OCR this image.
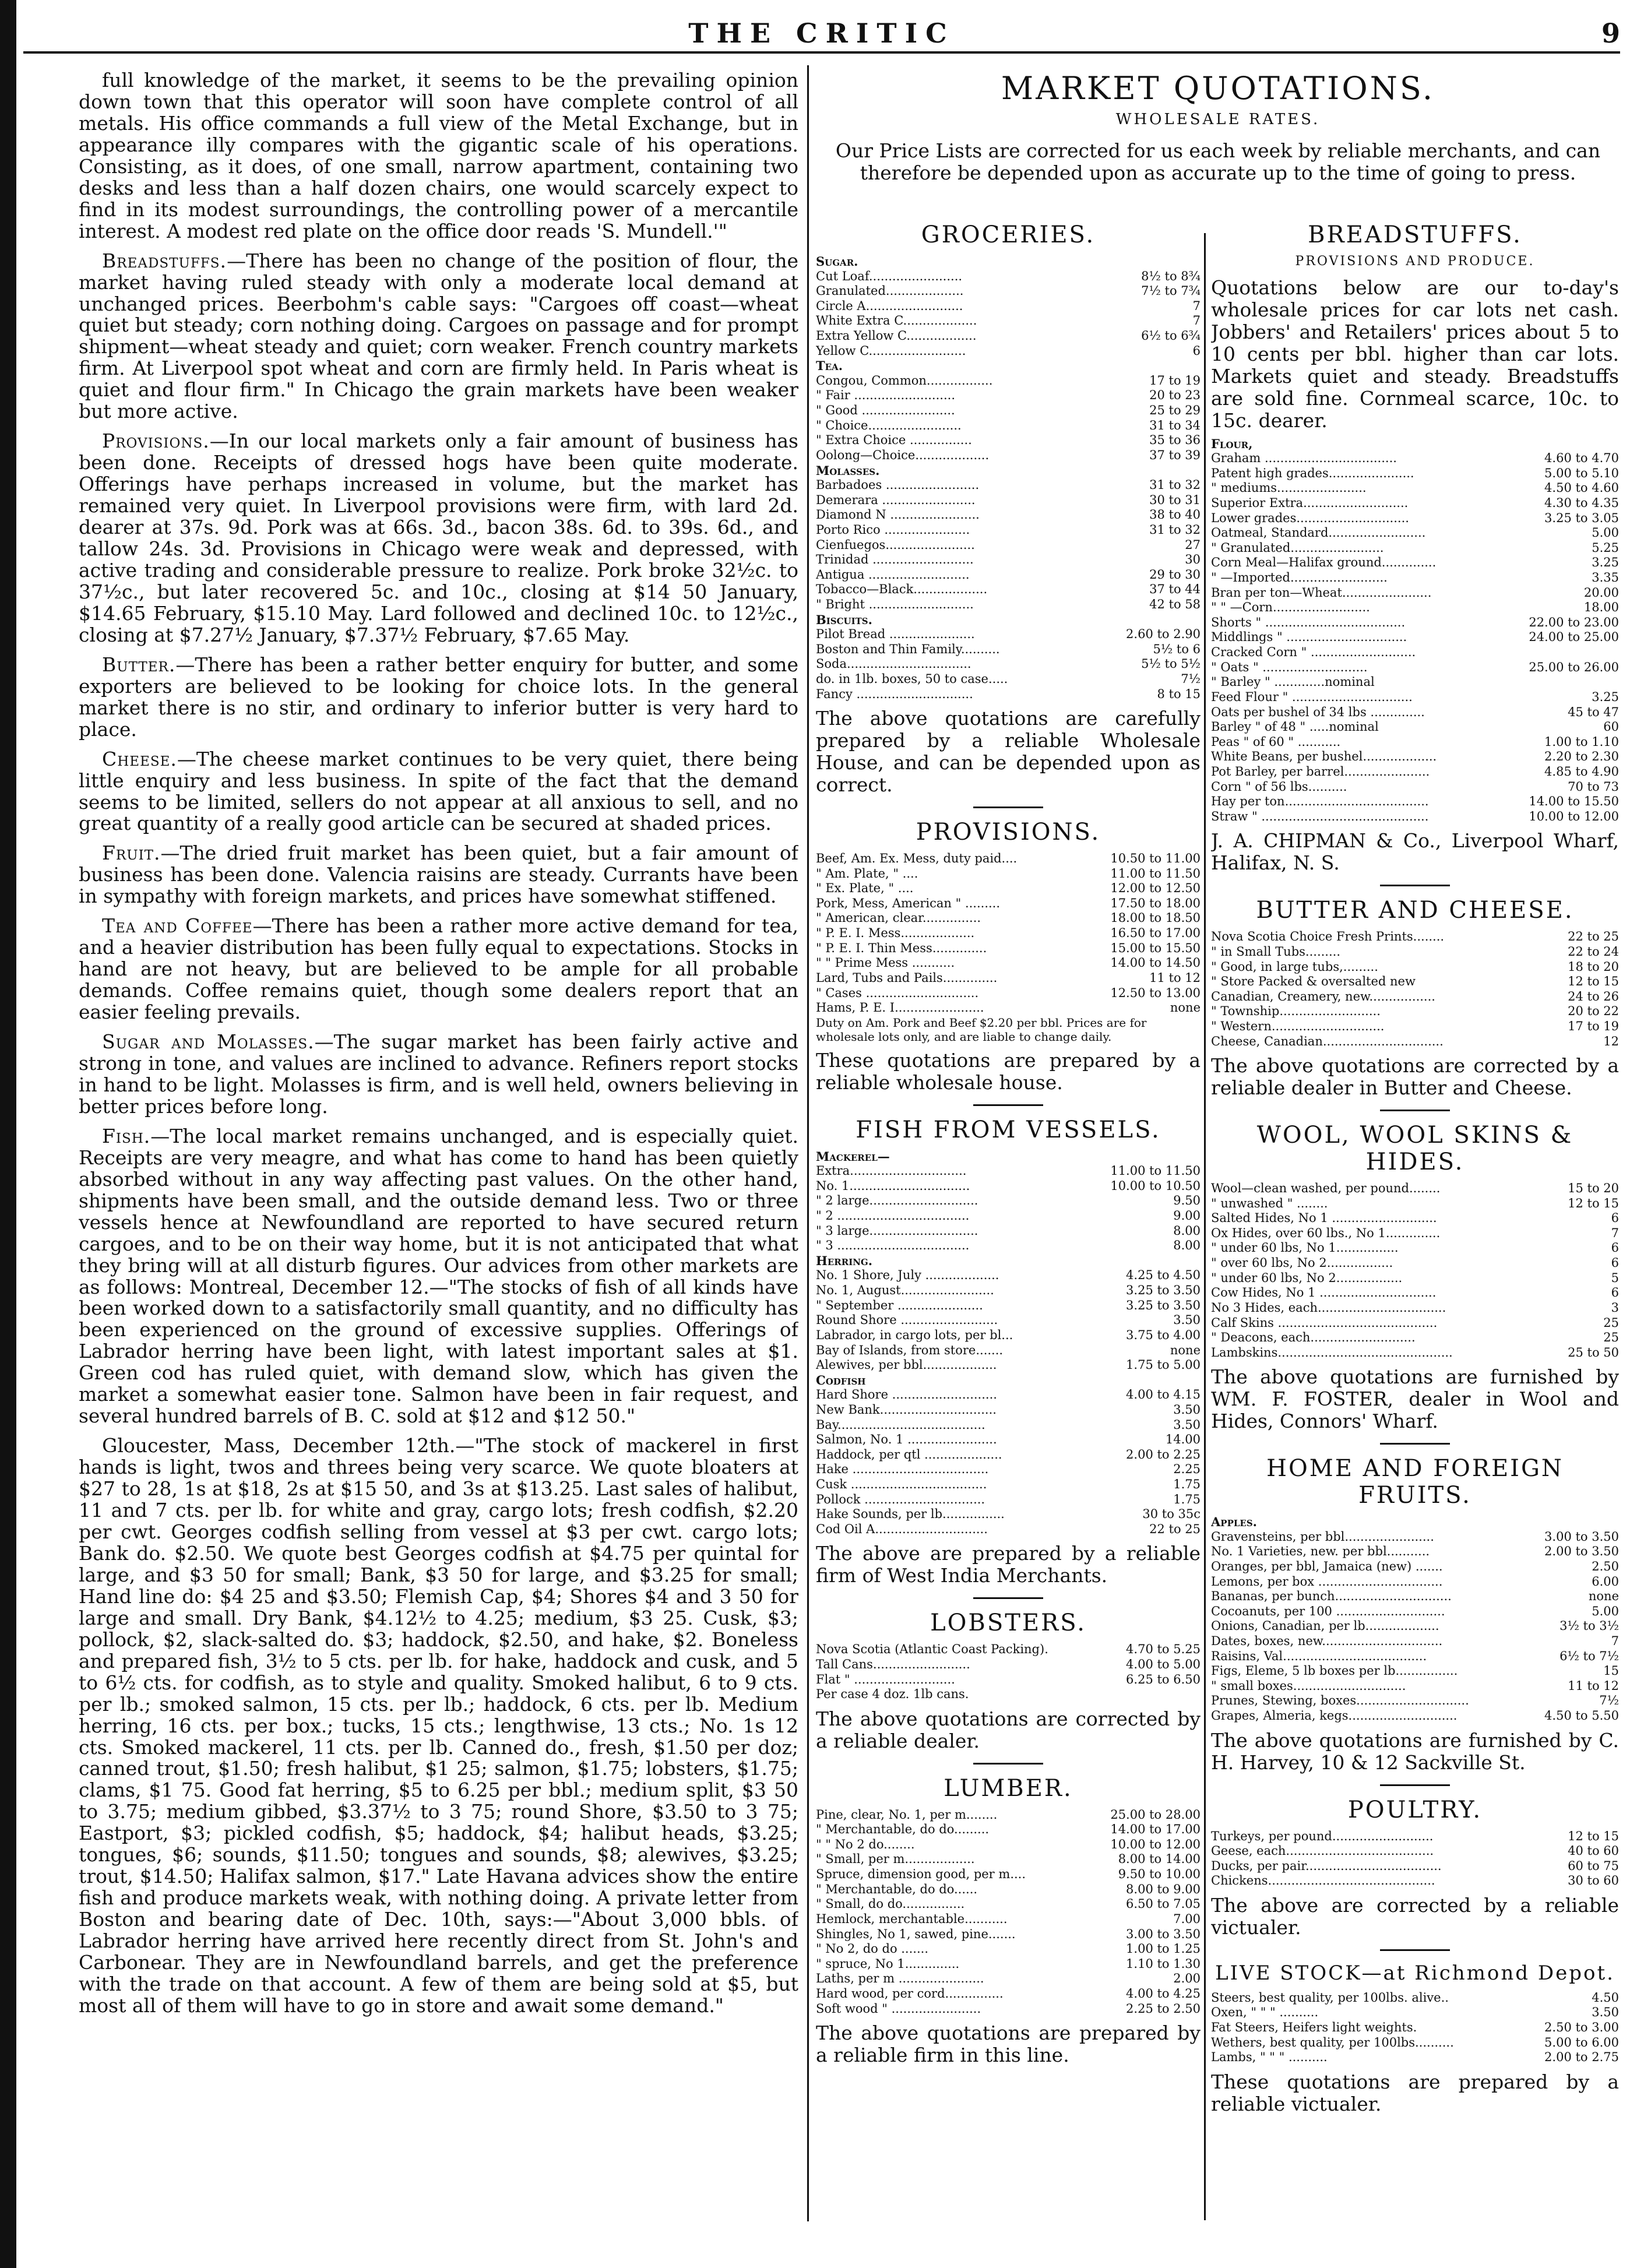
THE CRITIC	9

full knowledge of the market, it seems to be the prevailing opinion down town that this operator will soon have complete control of all metals. His office commands a full view of the Metal Exchange, but in appearance illy compares with the gigantic scale of his operations. Consisting, as it does, of one small, narrow apartment, containing two desks and less than a half dozen chairs, one would scarcely expect to find in its modest surroundings, the controlling power of a mercantile interest. A modest red plate on the office door reads 'S. Mundell.'"

Breadstuffs.—There has been no change of the position of flour, the market having ruled steady with only a moderate local demand at unchanged prices. Beerbohm's cable says: "Cargoes off coast—wheat quiet but steady; corn nothing doing. Cargoes on passage and for prompt shipment—wheat steady and quiet; corn weaker. French country markets firm. At Liverpool spot wheat and corn are firmly held. In Paris wheat is quiet and flour firm." In Chicago the grain markets have been weaker but more active.

Provisions.—In our local markets only a fair amount of business has been done. Receipts of dressed hogs have been quite moderate. Offerings have perhaps increased in volume, but the market has remained very quiet. In Liverpool provisions were firm, with lard 2d. dearer at 37s. 9d. Pork was at 66s. 3d., bacon 38s. 6d. to 39s. 6d., and tallow 24s. 3d. Provisions in Chicago were weak and depressed, with active trading and considerable pressure to realize. Pork broke 32½c. to 37½c., but later recovered 5c. and 10c., closing at $14 50 January, $14.65 February, $15.10 May. Lard followed and declined 10c. to 12½c., closing at $7.27½ January, $7.37½ February, $7.65 May.

Butter.—There has been a rather better enquiry for butter, and some exporters are believed to be looking for choice lots. In the general market there is no stir, and ordinary to inferior butter is very hard to place.

Cheese.—The cheese market continues to be very quiet, there being little enquiry and less business. In spite of the fact that the demand seems to be limited, sellers do not appear at all anxious to sell, and no great quantity of a really good article can be secured at shaded prices.

Fruit.—The dried fruit market has been quiet, but a fair amount of business has been done. Valencia raisins are steady. Currants have been in sympathy with foreign markets, and prices have somewhat stiffened.

Tea and Coffee—There has been a rather more active demand for tea, and a heavier distribution has been fully equal to expectations. Stocks in hand are not heavy, but are believed to be ample for all probable demands. Coffee remains quiet, though some dealers report that an easier feeling prevails.

Sugar and Molasses.—The sugar market has been fairly active and strong in tone, and values are inclined to advance. Refiners report stocks in hand to be light. Molasses is firm, and is well held, owners believing in better prices before long.

Fish.—The local market remains unchanged, and is especially quiet. Receipts are very meagre, and what has come to hand has been quietly absorbed without in any way affecting past values. On the other hand, shipments have been small, and the outside demand less. Two or three vessels hence at Newfoundland are reported to have secured return cargoes, and to be on their way home, but it is not anticipated that what they bring will at all disturb figures. Our advices from other markets are as follows: Montreal, December 12.—"The stocks of fish of all kinds have been worked down to a satisfactorily small quantity, and no difficulty has been experienced on the ground of excessive supplies. Offerings of Labrador herring have been light, with latest important sales at $1. Green cod has ruled quiet, with demand slow, which has given the market a somewhat easier tone. Salmon have been in fair request, and several hundred barrels of B. C. sold at $12 and $12 50."

Gloucester, Mass, December 12th.—"The stock of mackerel in first hands is light, twos and threes being very scarce. We quote bloaters at $27 to 28, 1s at $18, 2s at $15 50, and 3s at $13.25. Last sales of halibut, 11 and 7 cts. per lb. for white and gray, cargo lots; fresh codfish, $2.20 per cwt. Georges codfish selling from vessel at $3 per cwt. cargo lots; Bank do. $2.50. We quote best Georges codfish at $4.75 per quintal for large, and $3 50 for small; Bank, $3 50 for large, and $3.25 for small; Hand line do: $4 25 and $3.50; Flemish Cap, $4; Shores $4 and 3 50 for large and small. Dry Bank, $4.12½ to 4.25; medium, $3 25. Cusk, $3; pollock, $2, slack-salted do. $3; haddock, $2.50, and hake, $2. Boneless and prepared fish, 3½ to 5 cts. per lb. for hake, haddock and cusk, and 5 to 6½ cts. for codfish, as to style and quality. Smoked halibut, 6 to 9 cts. per lb.; smoked salmon, 15 cts. per lb.; haddock, 6 cts. per lb. Medium herring, 16 cts. per box.; tucks, 15 cts.; lengthwise, 13 cts.; No. 1s 12 cts. Smoked mackerel, 11 cts. per lb. Canned do., fresh, $1.50 per doz; canned trout, $1.50; fresh halibut, $1 25; salmon, $1.75; lobsters, $1.75; clams, $1 75. Good fat herring, $5 to 6.25 per bbl.; medium split, $3 50 to 3.75; medium gibbed, $3.37½ to 3 75; round Shore, $3.50 to 3 75; Eastport, $3; pickled codfish, $5; haddock, $4; halibut heads, $3.25; tongues, $6; sounds, $11.50; tongues and sounds, $8; alewives, $3.25; trout, $14.50; Halifax salmon, $17." Late Havana advices show the entire fish and produce markets weak, with nothing doing. A private letter from Boston and bearing date of Dec. 10th, says:—"About 3,000 bbls. of Labrador herring have arrived here recently direct from St. John's and Carbonear. They are in Newfoundland barrels, and get the preference with the trade on that account. A few of them are being sold at $5, but most all of them will have to go in store and await some demand."

MARKET QUOTATIONS.
WHOLESALE RATES.
Our Price Lists are corrected for us each week by reliable merchants, and can therefore be depended upon as accurate up to the time of going to press.
GROCERIES.
Sugar.	
Cut Loaf........................	8½ to 8¾
Granulated....................	7½ to 7¾
Circle A.........................	7
White Extra C...................	7
Extra Yellow C..................	6½ to 6¾
Yellow C.........................	6
Tea.	
Congou, Common.................	17 to 19
" Fair ..........................	20 to 23
" Good ........................	25 to 29
" Choice........................	31 to 34
" Extra Choice ................	35 to 36
Oolong—Choice...................	37 to 39
Molasses.	
Barbadoes ........................	31 to 32
Demerara ........................	30 to 31
Diamond N .......................	38 to 40
Porto Rico ......................	31 to 32
Cienfuegos.......................	27
Trinidad ..........................	30
Antigua ..........................	29 to 30
Tobacco—Black...................	37 to 44
" Bright ...........................	42 to 58
Biscuits.	
Pilot Bread ......................	2.60 to 2.90
Boston and Thin Family..........	5½ to 6
Soda................................	5½ to 5½
do. in 1lb. boxes, 50 to case.....	7½
Fancy ..............................	8 to 15
The above quotations are carefully prepared by a reliable Wholesale House, and can be depended upon as correct.
PROVISIONS.
Beef, Am. Ex. Mess, duty paid....	10.50 to 11.00
" Am. Plate, " ....	11.00 to 11.50
" Ex. Plate, " ....	12.00 to 12.50
Pork, Mess, American " .........	17.50 to 18.00
" American, clear...............	18.00 to 18.50
" P. E. I. Mess...................	16.50 to 17.00
" P. E. I. Thin Mess..............	15.00 to 15.50
" " Prime Mess ...........	14.00 to 14.50
Lard, Tubs and Pails..............	11 to 12
" Cases .............................	12.50 to 13.00
Hams, P. E. I.......................	none
Duty on Am. Pork and Beef $2.20 per bbl. Prices are for wholesale lots only, and are liable to change daily.
These quotations are prepared by a reliable wholesale house.
FISH FROM VESSELS.
Mackerel—	
Extra..............................	11.00 to 11.50
No. 1...............................	10.00 to 10.50
" 2 large............................	9.50
" 2 ..................................	9.00
" 3 large............................	8.00
" 3 ..................................	8.00
Herring.	
No. 1 Shore, July ...................	4.25 to 4.50
No. 1, August........................	3.25 to 3.50
" September ......................	3.25 to 3.50
Round Shore .........................	3.50
Labrador, in cargo lots, per bl...	3.75 to 4.00
Bay of Islands, from store.......	none
Alewives, per bbl...................	1.75 to 5.00
Codfish	
Hard Shore ...........................	4.00 to 4.15
New Bank..............................	3.50
Bay......................................	3.50
Salmon, No. 1 .......................	14.00
Haddock, per qtl ....................	2.00 to 2.25
Hake ...................................	2.25
Cusk ...................................	1.75
Pollock ...............................	1.75
Hake Sounds, per lb................	30 to 35c
Cod Oil A.............................	22 to 25
The above are prepared by a reliable firm of West India Merchants.
LOBSTERS.
Nova Scotia (Atlantic Coast Packing).	4.70 to 5.25
Tall Cans.........................	4.00 to 5.00
Flat " ..........................	6.25 to 6.50
Per case 4 doz. 1lb cans.	
The above quotations are corrected by a reliable dealer.
LUMBER.
Pine, clear, No. 1, per m........	25.00 to 28.00
" Merchantable, do do.........	14.00 to 17.00
" " No 2 do........	10.00 to 12.00
" Small, per m..................	8.00 to 14.00
Spruce, dimension good, per m....	9.50 to 10.00
" Merchantable, do do......	8.00 to 9.00
" Small, do do................	6.50 to 7.05
Hemlock, merchantable...........	7.00
Shingles, No 1, sawed, pine.......	3.00 to 3.50
" No 2, do do .......	1.00 to 1.25
" spruce, No 1..............	1.10 to 1.30
Laths, per m ......................	2.00
Hard wood, per cord...............	4.00 to 4.25
Soft wood " .......................	2.25 to 2.50
The above quotations are prepared by a reliable firm in this line.
BREADSTUFFS.
PROVISIONS AND PRODUCE.
Quotations below are our to-day's wholesale prices for car lots net cash. Jobbers' and Retailers' prices about 5 to 10 cents per bbl. higher than car lots. Markets quiet and steady. Breadstuffs are sold fine. Cornmeal scarce, 10c. to 15c. dearer.
Flour,	
Graham ..................................	4.60 to 4.70
Patent high grades......................	5.00 to 5.10
" mediums.......................	4.50 to 4.60
Superior Extra...........................	4.30 to 4.35
Lower grades.............................	3.25 to 3.05
Oatmeal, Standard.........................	5.00
" Granulated........................	5.25
Corn Meal—Halifax ground..............	3.25
" —Imported.........................	3.35
Bran per ton—Wheat.......................	20.00
" " —Corn.........................	18.00
Shorts " ....................................	22.00 to 23.00
Middlings " ...............................	24.00 to 25.00
Cracked Corn " ...........................	
" Oats " ...........................	25.00 to 26.00
" Barley " .............nominal	
Feed Flour " ...............................	3.25
Oats per bushel of 34 lbs ..............	45 to 47
Barley " of 48 " .....nominal	60
Peas " of 60 " ...........	1.00 to 1.10
White Beans, per bushel...................	2.20 to 2.30
Pot Barley, per barrel......................	4.85 to 4.90
Corn " of 56 lbs..........	70 to 73
Hay per ton.....................................	14.00 to 15.50
Straw " ...........................................	10.00 to 12.00
J. A. CHIPMAN & Co., Liverpool Wharf, Halifax, N. S.
BUTTER AND CHEESE.
Nova Scotia Choice Fresh Prints........	22 to 25
" in Small Tubs.........	22 to 24
" Good, in large tubs,.........	18 to 20
" Store Packed & oversalted new	12 to 15
Canadian, Creamery, new.................	24 to 26
" Township..........................	20 to 22
" Western.............................	17 to 19
Cheese, Canadian...............................	12
The above quotations are corrected by a reliable dealer in Butter and Cheese.
WOOL, WOOL SKINS & HIDES.
Wool—clean washed, per pound........	15 to 20
" unwashed " ........	12 to 15
Salted Hides, No 1 ...........................	6
Ox Hides, over 60 lbs., No 1..............	7
" under 60 lbs, No 1................	6
" over 60 lbs, No 2.................	6
" under 60 lbs, No 2.................	5
Cow Hides, No 1 ..............................	6
No 3 Hides, each.................................	3
Calf Skins .........................................	25
" Deacons, each...........................	25
Lambskins.............................................	25 to 50
The above quotations are furnished by WM. F. FOSTER, dealer in Wool and Hides, Connors' Wharf.
HOME AND FOREIGN FRUITS.
Apples.	
Gravensteins, per bbl.......................	3.00 to 3.50
No. 1 Varieties, new. per bbl...........	2.00 to 3.50
Oranges, per bbl, Jamaica (new) .......	2.50
Lemons, per box ................................	6.00
Bananas, per bunch..............................	none
Cocoanuts, per 100 ............................	5.00
Onions, Canadian, per lb...................	3½ to 3½
Dates, boxes, new...............................	7
Raisins, Val.....................................	6½ to 7½
Figs, Eleme, 5 lb boxes per lb................	15
" small boxes.............................	11 to 12
Prunes, Stewing, boxes.............................	7½
Grapes, Almeria, kegs............................	4.50 to 5.50
The above quotations are furnished by C. H. Harvey, 10 & 12 Sackville St.
POULTRY.
Turkeys, per pound..........................	12 to 15
Geese, each......................................	40 to 60
Ducks, per pair...................................	60 to 75
Chickens...........................................	30 to 60
The above are corrected by a reliable victualer.
LIVE STOCK—at Richmond Depot.
Steers, best quality, per 100lbs. alive..	4.50
Oxen, " " " ..........	3.50
Fat Steers, Heifers light weights.	2.50 to 3.00
Wethers, best quality, per 100lbs..........	5.00 to 6.00
Lambs, " " " ..........	2.00 to 2.75
These quotations are prepared by a reliable victualer.
